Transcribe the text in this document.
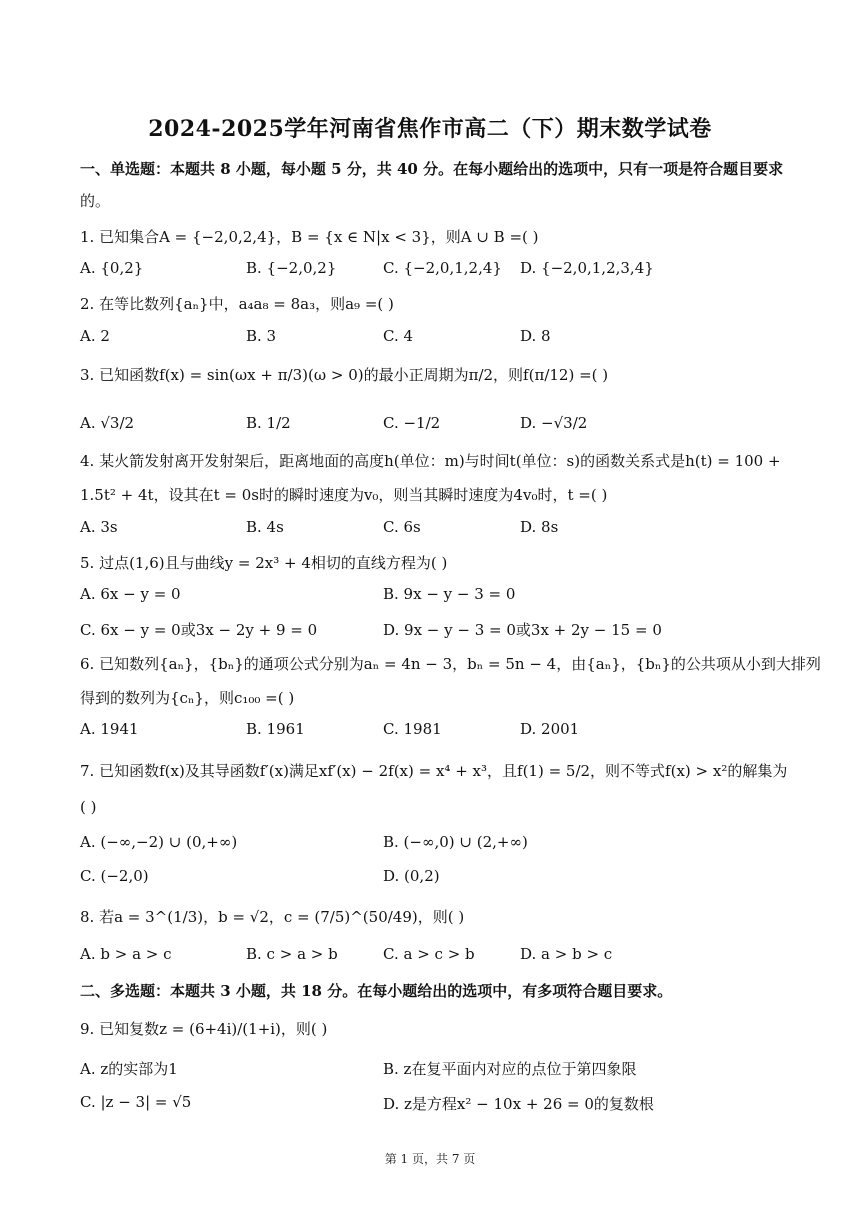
2024-2025学年河南省焦作市高二（下）期末数学试卷
一、单选题：本题共 8 小题，每小题 5 分，共 40 分。在每小题给出的选项中，只有一项是符合题目要求
的。
1. 已知集合A = {−2,0,2,4}，B = {x ∈ N|x < 3}，则A ∪ B =( )
A. {0,2}	B. {−2,0,2}	C. {−2,0,1,2,4} D. {−2,0,1,2,3,4}
2. 在等比数列{aₙ}中，a₄a₈ = 8a₃，则a₉ =( )
A. 2	B. 3	C. 4	D. 8
3. 已知函数f(x) = sin(ωx + π/3)(ω > 0)的最小正周期为π/2，则f(π/12) =( )
A. √3/2	B. 1/2	C. −1/2	D. −√3/2
4. 某火箭发射离开发射架后，距离地面的高度h(单位：m)与时间t(单位：s)的函数关系式是h(t) = 100 +
1.5t² + 4t，设其在t = 0s时的瞬时速度为v₀，则当其瞬时速度为4v₀时，t =( )
A. 3s	B. 4s	C. 6s	D. 8s
5. 过点(1,6)且与曲线y = 2x³ + 4相切的直线方程为( )
A. 6x − y = 0	B. 9x − y − 3 = 0
C. 6x − y = 0或3x − 2y + 9 = 0	D. 9x − y − 3 = 0或3x + 2y − 15 = 0
6. 已知数列{aₙ}，{bₙ}的通项公式分别为aₙ = 4n − 3，bₙ = 5n − 4，由{aₙ}，{bₙ}的公共项从小到大排列
得到的数列为{cₙ}，则c₁₀₀ =( )
A. 1941	B. 1961	C. 1981	D. 2001
7. 已知函数f(x)及其导函数f′(x)满足xf′(x) − 2f(x) = x⁴ + x³，且f(1) = 5/2，则不等式f(x) > x²的解集为
( )
A. (−∞,−2) ∪ (0,+∞)	B. (−∞,0) ∪ (2,+∞)
C. (−2,0)	D. (0,2)
8. 若a = 3^(1/3)，b = √2，c = (7/5)^(50/49)，则( )
A. b > a > c	B. c > a > b	C. a > c > b	D. a > b > c
二、多选题：本题共 3 小题，共 18 分。在每小题给出的选项中，有多项符合题目要求。
9. 已知复数z = (6+4i)/(1+i)，则( )
A. z的实部为1	B. z在复平面内对应的点位于第四象限
C. |z − 3| = √5	D. z是方程x² − 10x + 26 = 0的复数根
第 1 页，共 7 页
